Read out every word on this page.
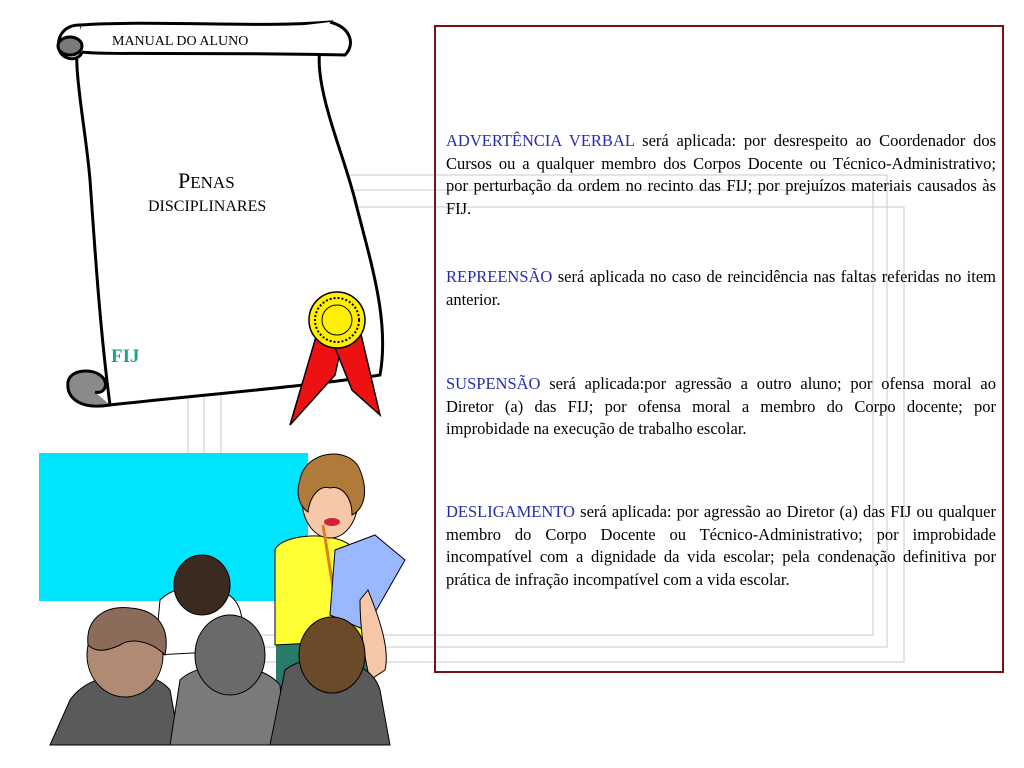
MANUAL DO ALUNO
PENAS
DISCIPLINARES
FIJ
ADVERTÊNCIA VERBAL será aplicada: por desrespeito ao Coordenador dos Cursos ou a qualquer membro dos Corpos Docente ou Técnico-Administrativo; por perturbação da ordem no recinto das FIJ; por prejuízos materiais causados às FIJ.
REPREENSÃO será aplicada no caso de reincidência nas faltas referidas no item anterior.
SUSPENSÃO será aplicada:por agressão a outro aluno; por ofensa moral ao Diretor (a) das FIJ; por ofensa moral a membro do Corpo docente; por improbidade na execução de trabalho escolar.
DESLIGAMENTO será aplicada: por agressão ao Diretor (a) das FIJ ou qualquer membro do Corpo Docente ou Técnico-Administrativo; por improbidade incompatível com a dignidade da vida escolar; pela condenação definitiva por prática de infração incompatível com a vida escolar.
